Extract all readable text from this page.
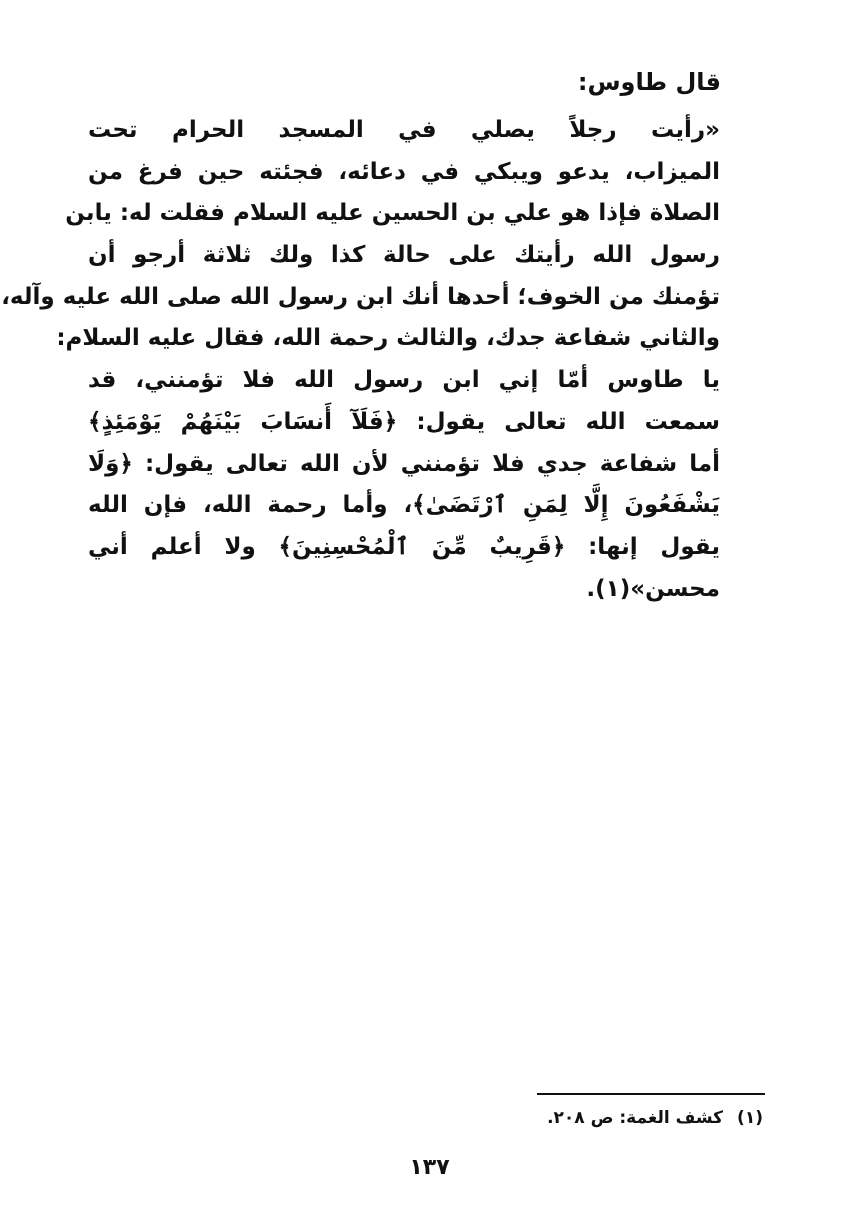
قال طاوس:
«رأيت رجلاً يصلي في المسجد الحرام تحت
الميزاب، يدعو ويبكي في دعائه، فجئته حين فرغ من
الصلاة فإذا هو علي بن الحسين عليه السلام فقلت له: يابن
رسول الله رأيتك على حالة كذا ولك ثلاثة أرجو أن
تؤمنك من الخوف؛ أحدها أنك ابن رسول الله صلى الله عليه وآله،
والثاني شفاعة جدك، والثالث رحمة الله، فقال عليه السلام:
يا طاوس أمّا إني ابن رسول الله فلا تؤمنني، قد
سمعت الله تعالى يقول: ﴿فَلَآ أَنسَابَ بَيْنَهُمْ يَوْمَئِذٍ﴾
أما شفاعة جدي فلا تؤمنني لأن الله تعالى يقول: ﴿وَلَا
يَشْفَعُونَ إِلَّا لِمَنِ ٱرْتَضَىٰ﴾، وأما رحمة الله، فإن الله
يقول إنها: ﴿قَرِيبٌ مِّنَ ٱلْمُحْسِنِينَ﴾ ولا أعلم أني
محسن»(١).
(١)كشف الغمة: ص ٢٠٨.
١٣٧
